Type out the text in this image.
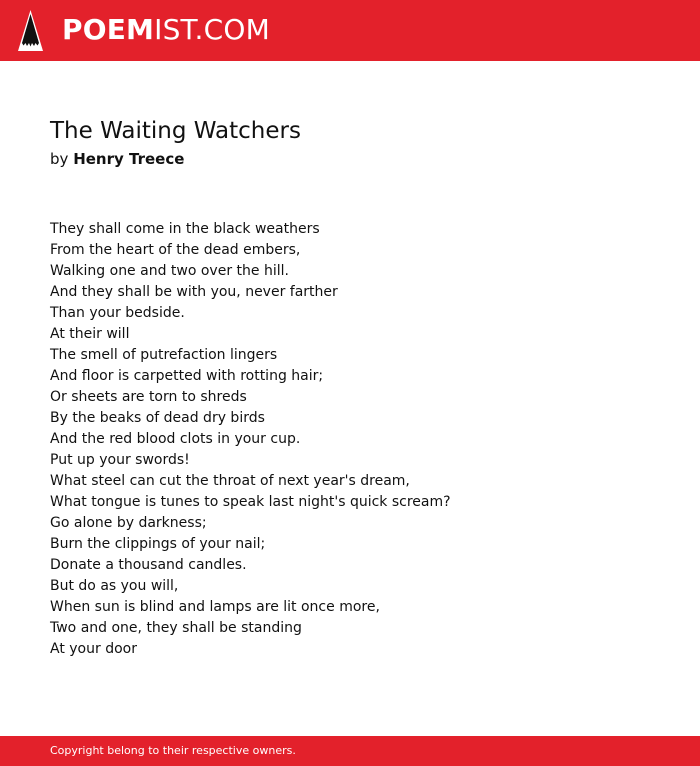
POEMIST.COM
The Waiting Watchers
by Henry Treece
They shall come in the black weathers
From the heart of the dead embers,
Walking one and two over the hill.
And they shall be with you, never farther
Than your bedside.
At their will
The smell of putrefaction lingers
And floor is carpetted with rotting hair;
Or sheets are torn to shreds
By the beaks of dead dry birds
And the red blood clots in your cup.
Put up your swords!
What steel can cut the throat of next year's dream,
What tongue is tunes to speak last night's quick scream?
Go alone by darkness;
Burn the clippings of your nail;
Donate a thousand candles.
But do as you will,
When sun is blind and lamps are lit once more,
Two and one, they shall be standing
At your door
Copyright belong to their respective owners.
